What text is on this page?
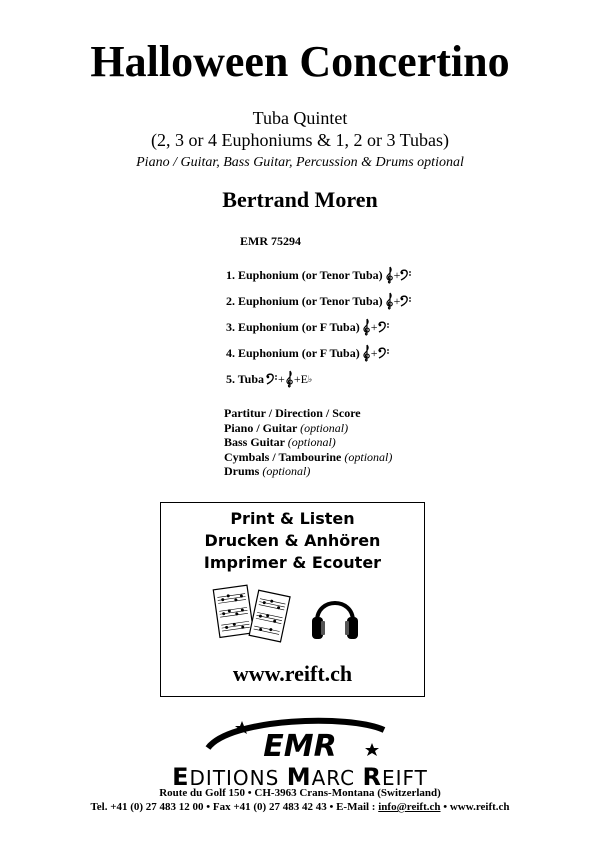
Halloween Concertino
Tuba Quintet
(2, 3 or 4 Euphoniums & 1, 2 or 3 Tubas)
Piano / Guitar, Bass Guitar, Percussion & Drums optional
Bertrand Moren
EMR 75294
1. Euphonium (or Tenor Tuba) +
2. Euphonium (or Tenor Tuba) +
3. Euphonium (or F Tuba) +
4. Euphonium (or F Tuba) +
5. Tuba + + E ♭
Partitur / Direction / Score
Piano / Guitar (optional)
Bass Guitar (optional)
Cymbals / Tambourine (optional)
Drums (optional)
Print & Listen
Drucken & Anhören
Imprimer & Ecouter
www.reift.ch
EMR
EDITIONS MARC REIFT
Route du Golf 150 • CH-3963 Crans-Montana (Switzerland)
Tel. +41 (0) 27 483 12 00 • Fax +41 (0) 27 483 42 43 • E-Mail : info@reift.ch • www.reift.ch
